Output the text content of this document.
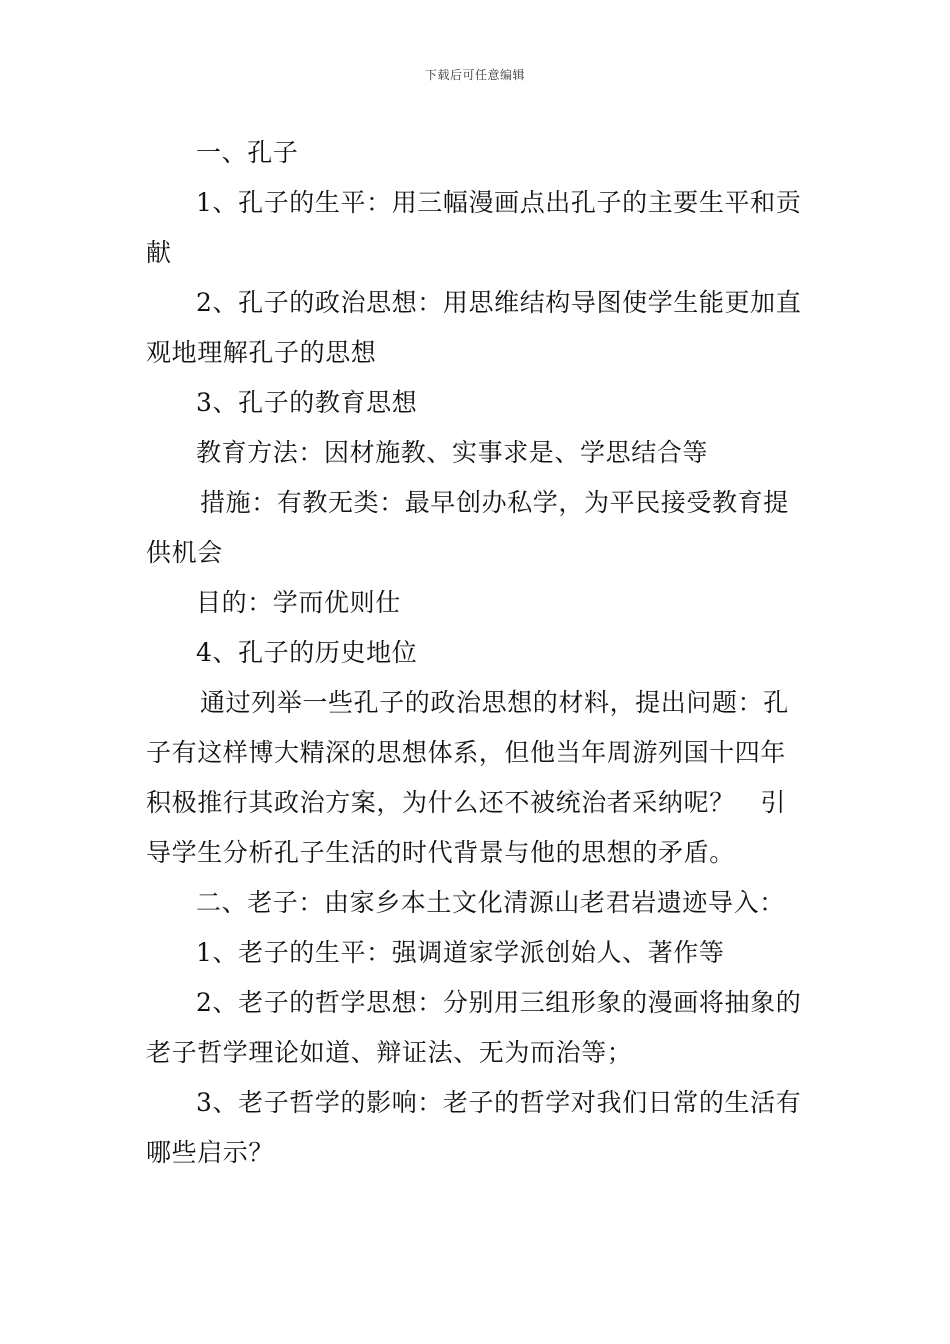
下载后可任意编辑

一、孔子

1、孔子的生平：用三幅漫画点出孔子的主要生平和贡献

2、孔子的政治思想：用思维结构导图使学生能更加直观地理解孔子的思想

3、孔子的教育思想

教育方法：因材施教、实事求是、学思结合等

措施：有教无类：最早创办私学，为平民接受教育提供机会

目的：学而优则仕

4、孔子的历史地位

通过列举一些孔子的政治思想的材料，提出问题：孔子有这样博大精深的思想体系，但他当年周游列国十四年积极推行其政治方案，为什么还不被统治者采纳呢？　引导学生分析孔子生活的时代背景与他的思想的矛盾。

二、老子：由家乡本土文化清源山老君岩遗迹导入：

1、老子的生平：强调道家学派创始人、著作等

2、老子的哲学思想：分别用三组形象的漫画将抽象的老子哲学理论如道、辩证法、无为而治等；

3、老子哲学的影响：老子的哲学对我们日常的生活有哪些启示？
